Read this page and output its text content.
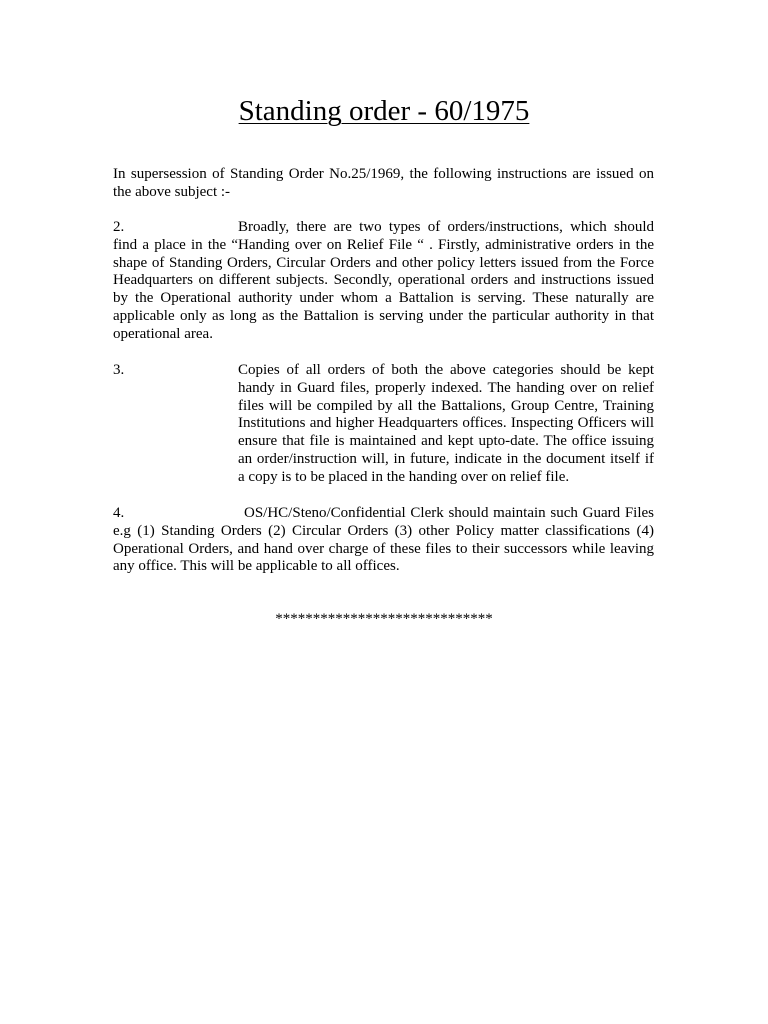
Standing order - 60/1975
In supersession of Standing Order No.25/1969, the following instructions are issued on the above subject :-
2.	Broadly, there are two types of orders/instructions, which should find a place in the “Handing over on Relief File “ . Firstly, administrative orders in the shape of Standing Orders, Circular Orders and other policy letters issued from the Force Headquarters on different subjects. Secondly, operational orders and instructions issued by the Operational authority under whom a Battalion is serving. These naturally are applicable only as long as the Battalion is serving under the particular authority in that operational area.
3.	Copies of all orders of both the above categories should be kept handy in Guard files, properly indexed. The handing over on relief files will be compiled by all the Battalions, Group Centre, Training Institutions and higher Headquarters offices. Inspecting Officers will ensure that file is maintained and kept upto-date. The office issuing an order/instruction will, in future, indicate in the document itself if a copy is to be placed in the handing over on relief file.
4.	OS/HC/Steno/Confidential Clerk should maintain such Guard Files e.g (1) Standing Orders (2) Circular Orders (3) other Policy matter classifications (4) Operational Orders, and hand over charge of these files to their successors while leaving any office. This will be applicable to all offices.
*****************************
